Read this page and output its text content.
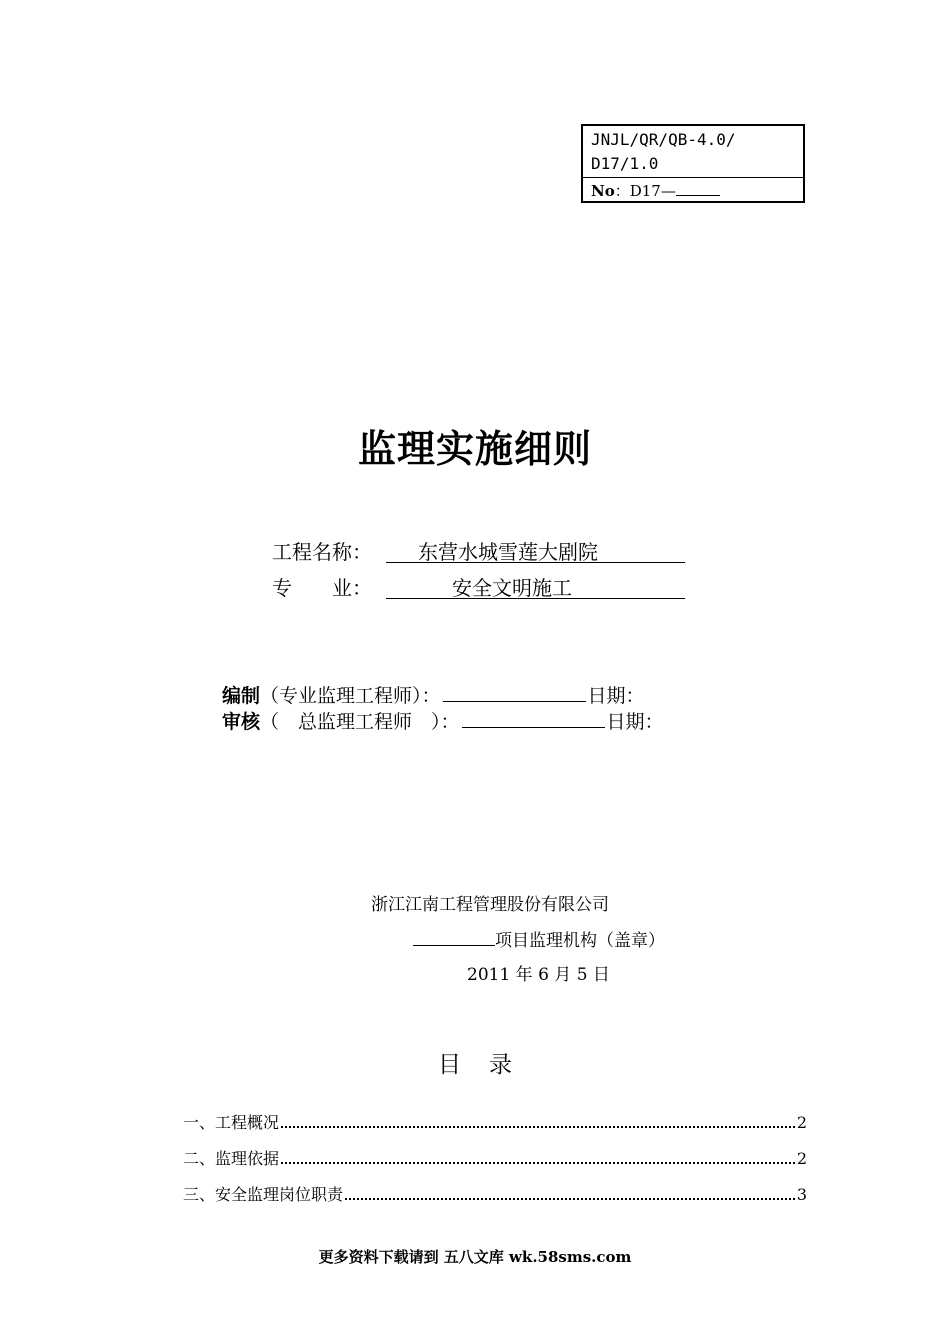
JNJL/QR/QB-4.0/
D17/1.0
No：D17—
监理实施细则
工程名称： 东营水城雪莲大剧院
专　　业：	安全文明施工
编制（专业监理工程师）：	日期：
审核（　总监理工程师　）：	日期：
浙江江南工程管理股份有限公司
项目监理机构（盖章）
2011 年 6 月 5 日
目录
一、工程概况	2
二、监理依据	2
三、安全监理岗位职责	3
更多资料下载请到 五八文库 wk.58sms.com
